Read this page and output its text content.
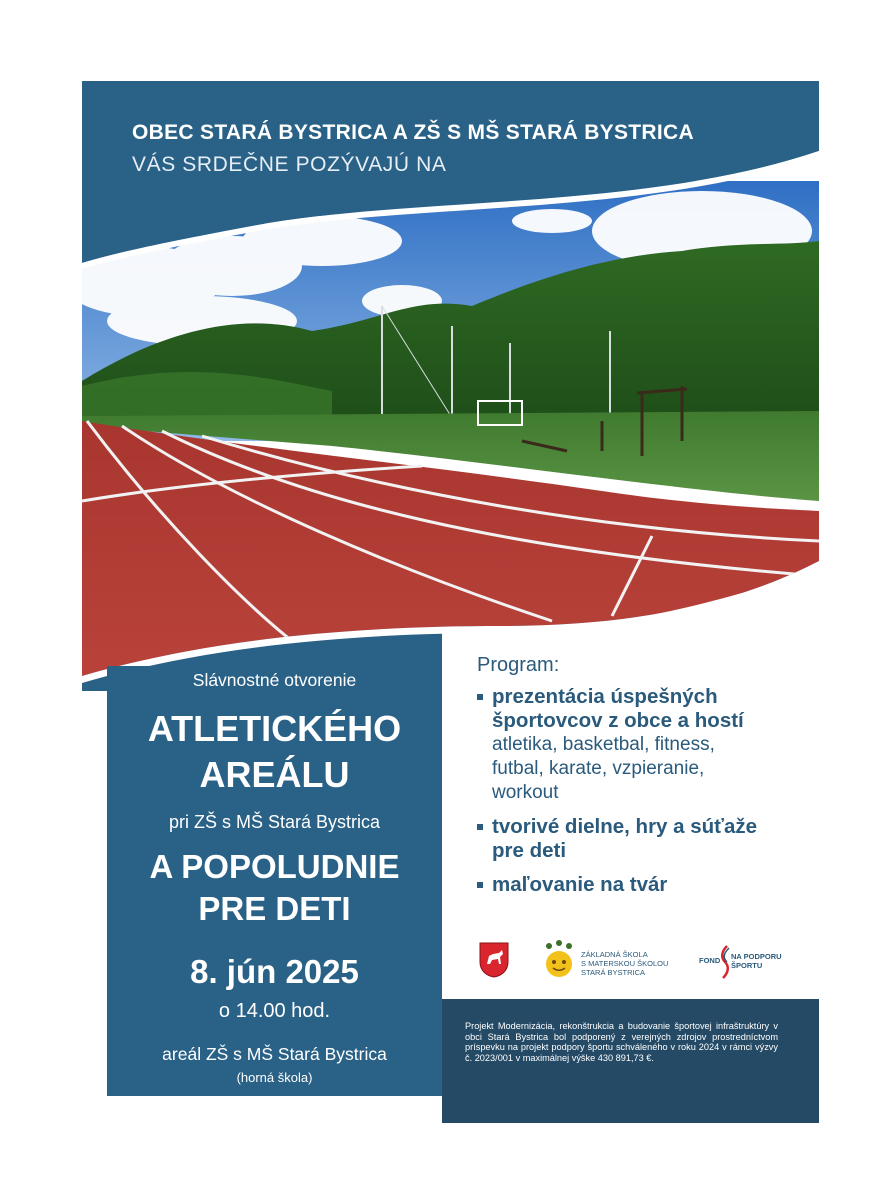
OBEC STARÁ BYSTRICA A ZŠ S MŠ STARÁ BYSTRICA
VÁS SRDEČNE POZÝVAJÚ NA
Slávnostné otvorenie
ATLETICKÉHO
AREÁLU
pri ZŠ s MŠ Stará Bystrica
A POPOLUDNIE
PRE DETI
8. jún 2025
o 14.00 hod.
areál ZŠ s MŠ Stará Bystrica
(horná škola)
Program:
prezentácia úspešných
športovcov z obce a hostí
atletika, basketbal, fitness,
futbal, karate, vzpieranie,
workout
tvorivé dielne, hry a súťaže
pre deti
maľovanie na tvár
ZÁKLADNÁ ŠKOLA
S MATERSKOU ŠKOLOU
STARÁ BYSTRICA
FOND NA PODPORU
ŠPORTU
Projekt Modernizácia, rekonštrukcia a budovanie športovej infraštruktúry v obci Stará Bystrica bol podporený z verejných zdrojov prostredníctvom príspevku na projekt podpory športu schváleného v roku 2024 v rámci výzvy č. 2023/001 v maximálnej výške 430 891,73 €.
